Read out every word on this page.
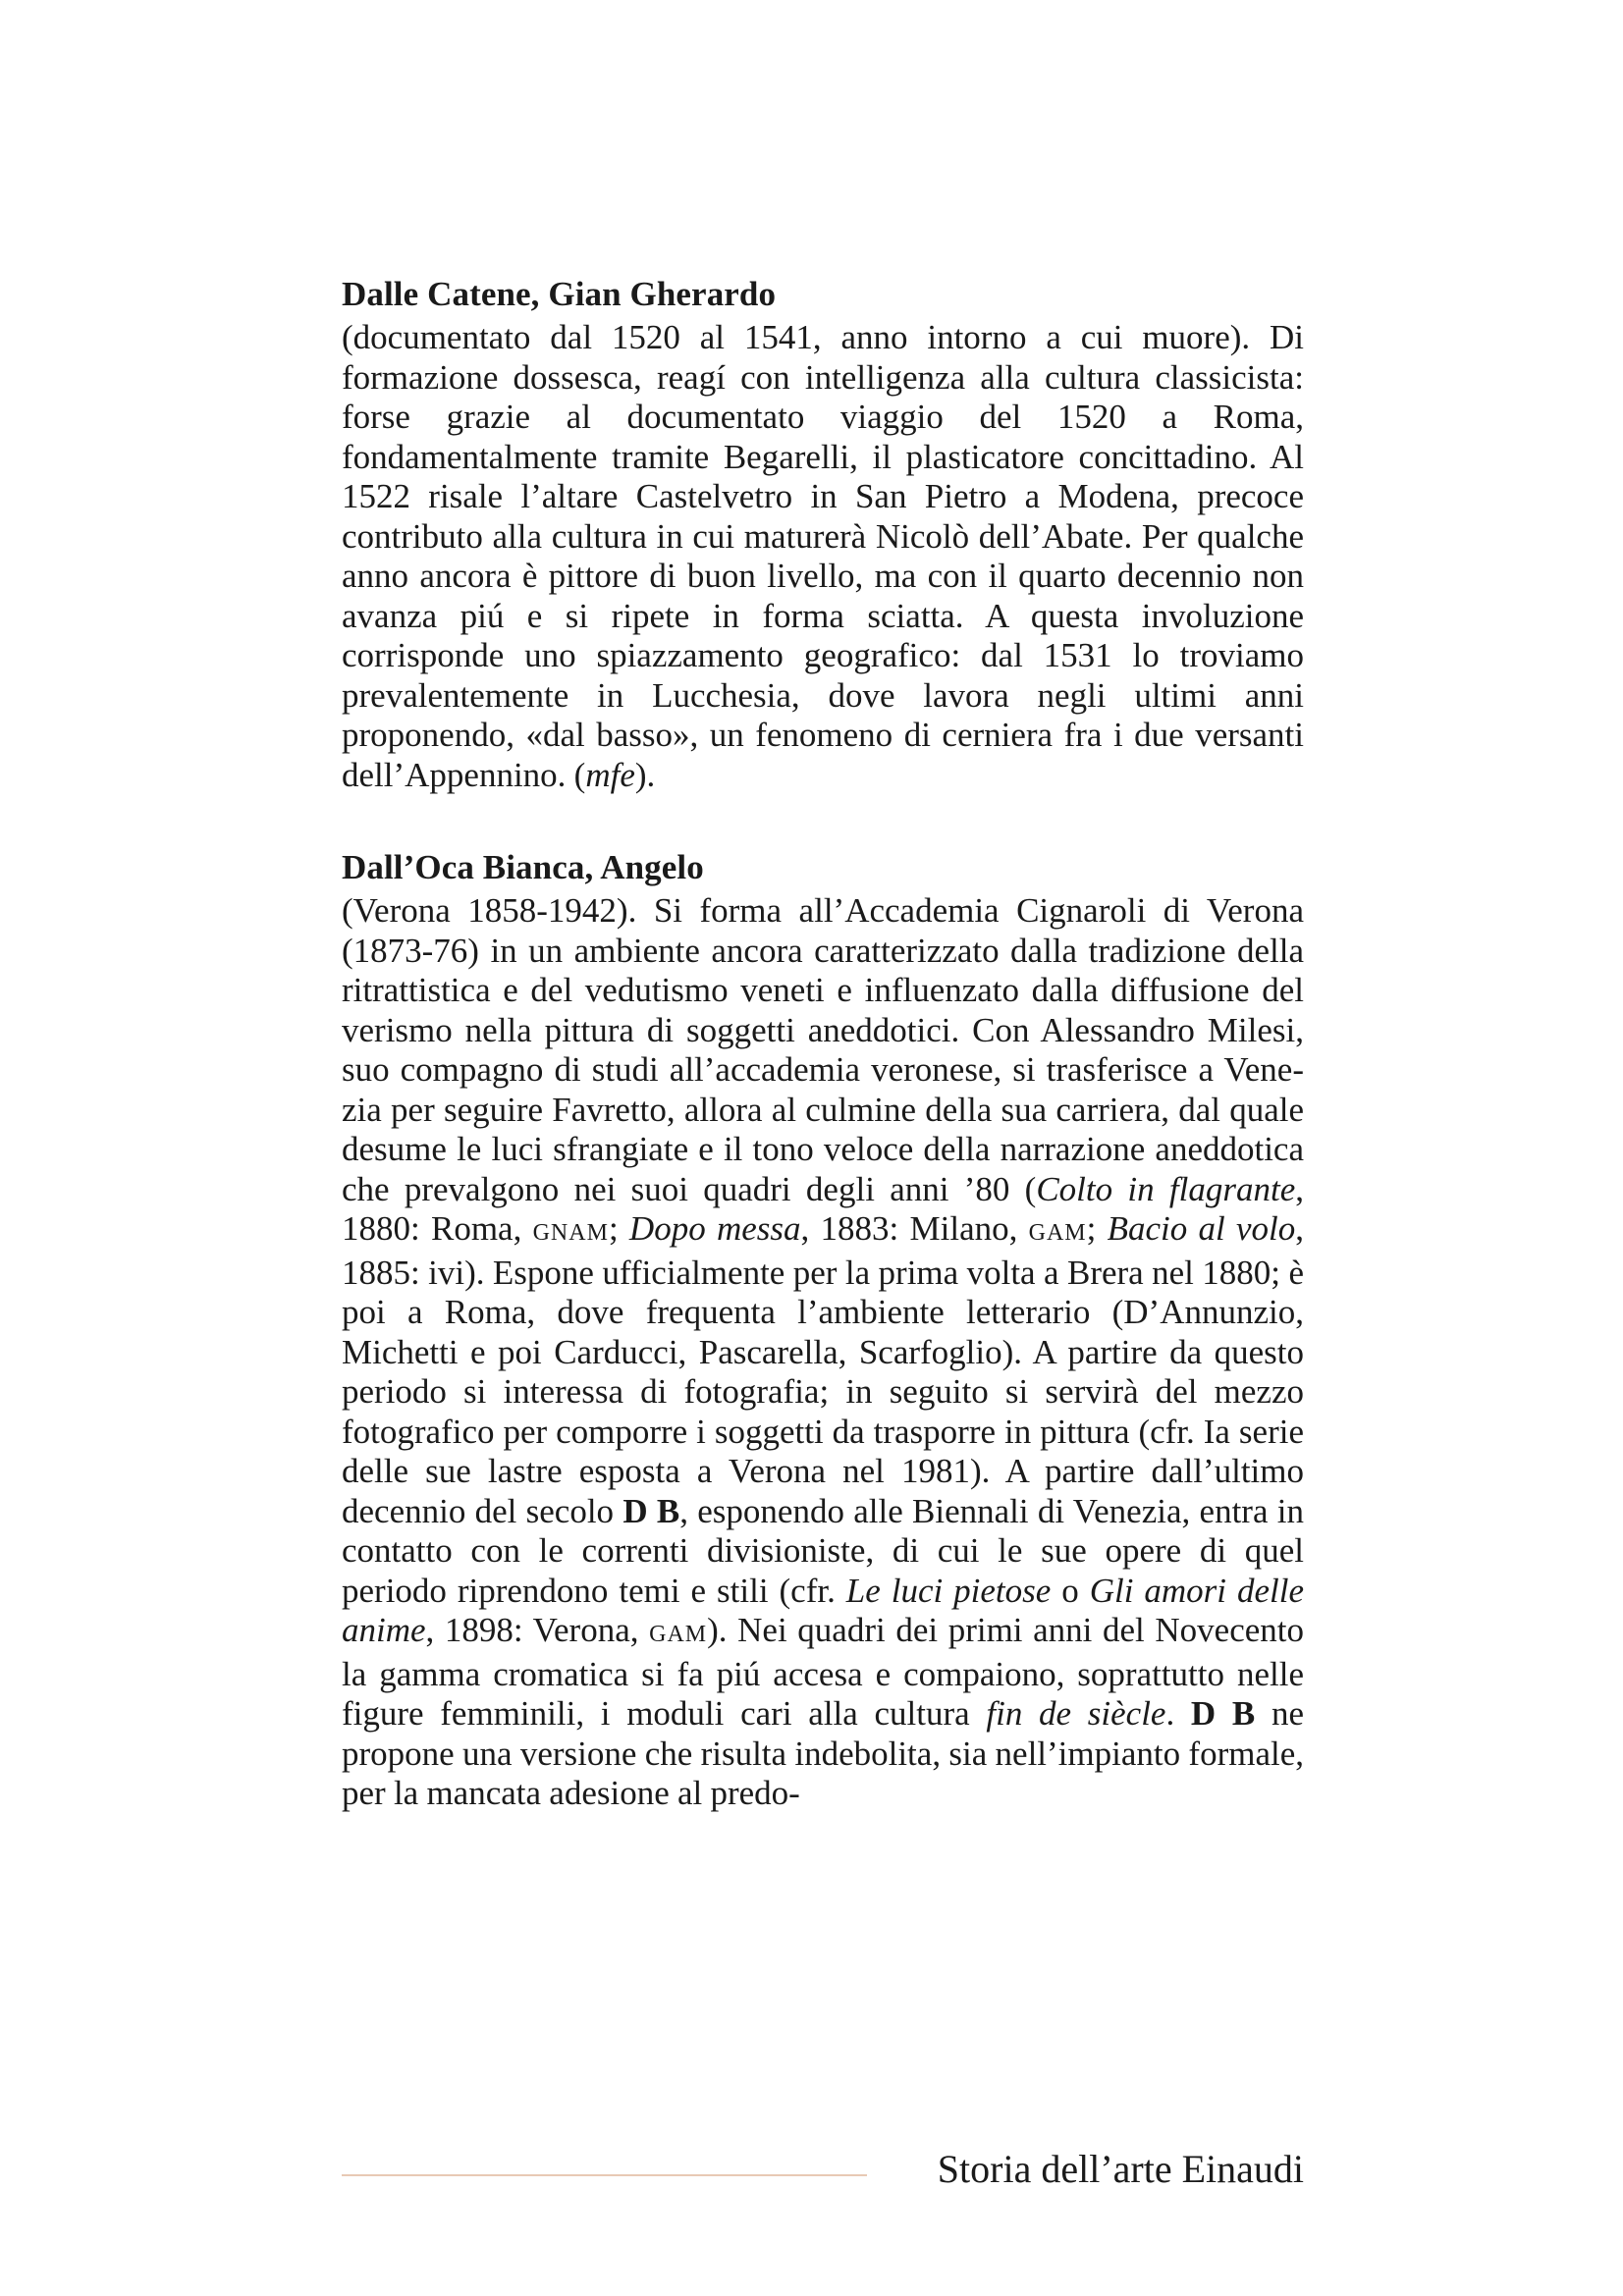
Dalle Catene, Gian Gherardo

(documentato dal 1520 al 1541, anno intorno a cui muore). Di formazione dossesca, reagí con intelligenza alla cultura classicista: forse grazie al documentato viaggio del 1520 a Roma, fondamentalmente tramite Begarelli, il plasticatore concittadino. Al 1522 risale l’altare Castelvetro in San Pietro a Modena, precoce contributo alla cultura in cui maturerà Nicolò dell’Abate. Per qualche anno ancora è pittore di buon livello, ma con il quarto decennio non avanza piú e si ripete in forma sciatta. A questa involuzione corrisponde uno spiazzamento geografico: dal 1531 lo troviamo prevalentemente in Lucchesia, dove lavora negli ultimi anni proponendo, «dal basso», un fenomeno di cerniera fra i due versanti dell’Appennino. (mfe).

Dall’Oca Bianca, Angelo

(Verona 1858-1942). Si forma all’Accademia Cignaroli di Verona (1873-76) in un ambiente ancora caratterizzato dalla tradizione della ritrattistica e del vedutismo veneti e influenzato dalla diffusione del verismo nella pittura di soggetti aneddotici. Con Alessandro Milesi, suo compagno di studi all’accademia veronese, si trasferisce a Venezia per seguire Favretto, allora al culmine della sua carriera, dal quale desume le luci sfrangiate e il tono veloce della narrazione aneddotica che prevalgono nei suoi quadri degli anni ’80 (Colto in flagrante, 1880: Roma, GNAM; Dopo messa, 1883: Milano, GAM; Bacio al volo, 1885: ivi). Espone ufficialmente per la prima volta a Brera nel 1880; è poi a Roma, dove frequenta l’ambiente letterario (D’Annunzio, Michetti e poi Carducci, Pascarella, Scarfoglio). A partire da questo periodo si interessa di fotografia; in seguito si servirà del mezzo fotografico per comporre i soggetti da trasporre in pittura (cfr. Ia serie delle sue lastre esposta a Verona nel 1981). A partire dall’ultimo decennio del secolo D B, esponendo alle Biennali di Venezia, entra in contatto con le correnti divisioniste, di cui le sue opere di quel periodo riprendono temi e stili (cfr. Le luci pietose o Gli amori delle anime, 1898: Verona, GAM). Nei quadri dei primi anni del Novecento la gamma cromatica si fa piú accesa e compaiono, soprattutto nelle figure femminili, i moduli cari alla cultura fin de siècle. D B ne propone una versione che risulta indebolita, sia nell’impianto formale, per la mancata adesione al predo-

Storia dell’arte Einaudi
